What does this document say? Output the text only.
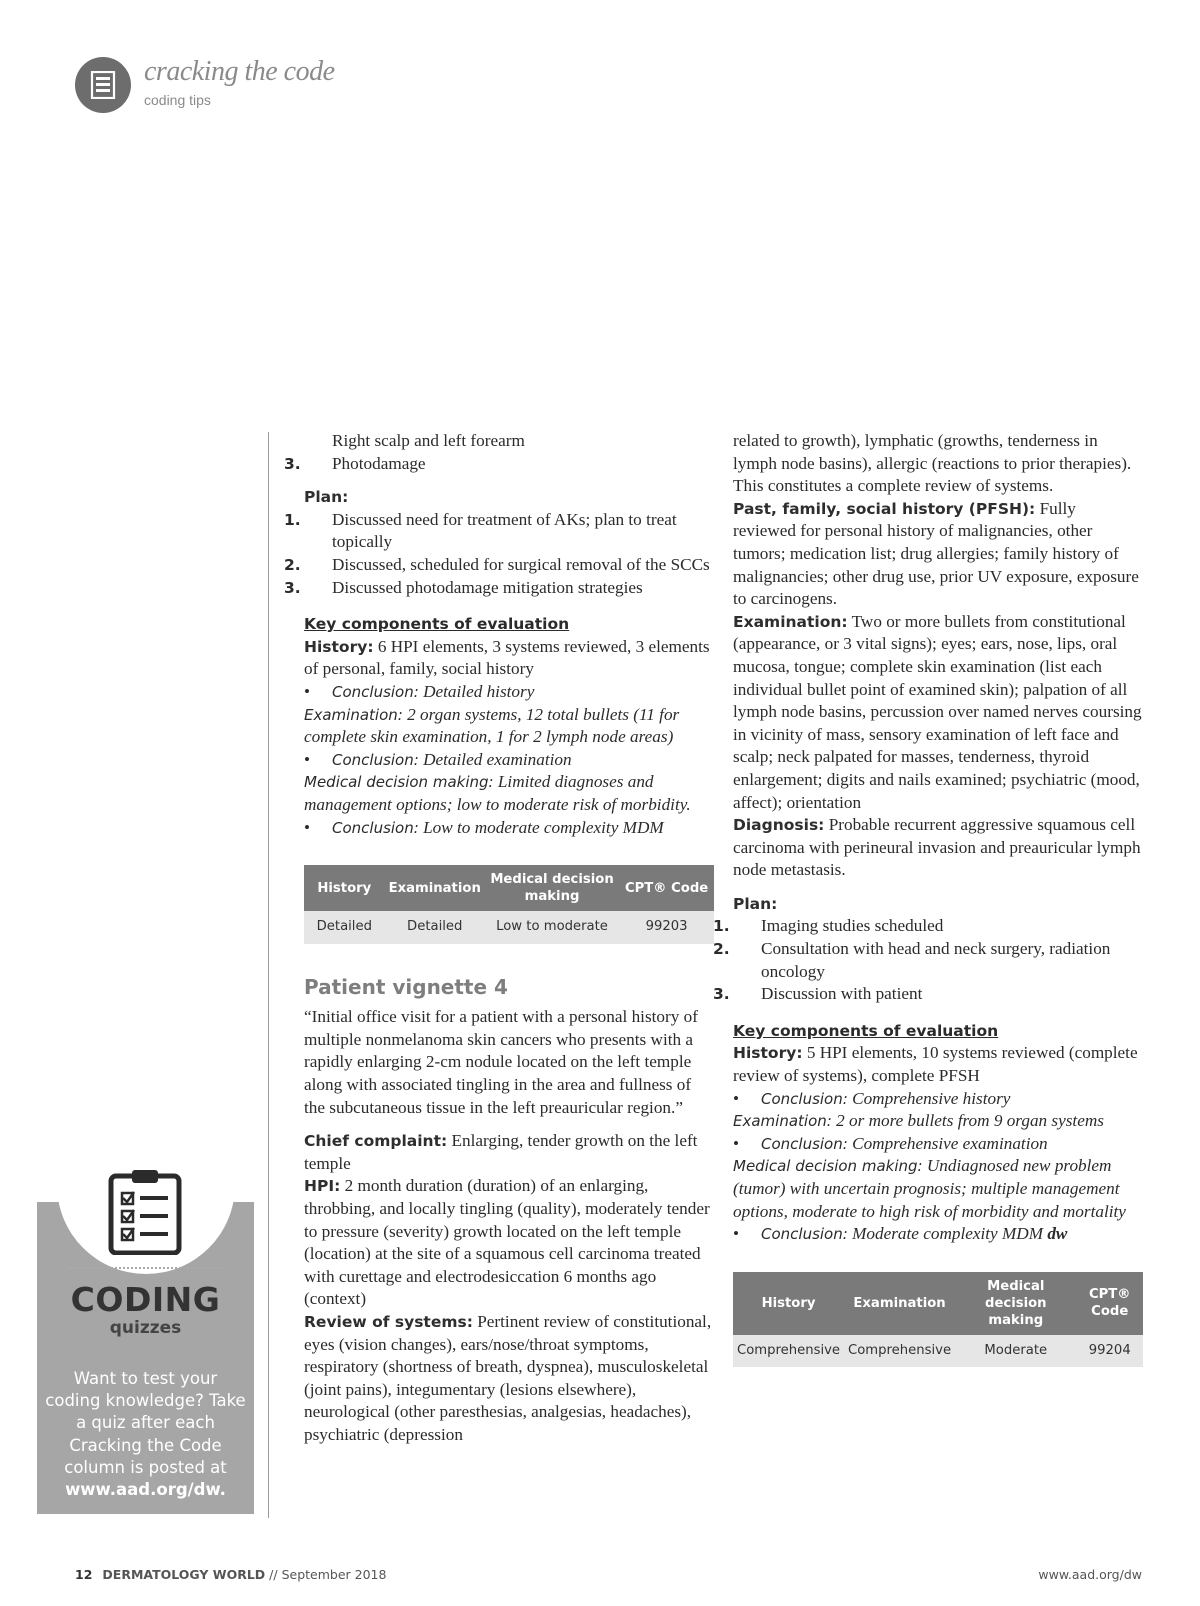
cracking the code
coding tips

Right scalp and left forearm

3. Photodamage

Plan:

1. Discussed need for treatment of AKs; plan to treat topically

2. Discussed, scheduled for surgical removal of the SCCs

3. Discussed photodamage mitigation strategies

Key components of evaluation

History: 6 HPI elements, 3 systems reviewed, 3 elements of personal, family, social history

• Conclusion: Detailed history

Examination: 2 organ systems, 12 total bullets (11 for complete skin examination, 1 for 2 lymph node areas)

• Conclusion: Detailed examination

Medical decision making: Limited diagnoses and management options; low to moderate risk of morbidity.

• Conclusion: Low to moderate complexity MDM

History	Examination	Medical decision making	CPT® Code
Detailed	Detailed	Low to moderate	99203
Patient vignette 4

“Initial office visit for a patient with a personal history of multiple nonmelanoma skin cancers who presents with a rapidly enlarging 2-cm nodule located on the left temple along with associated tingling in the area and fullness of the subcutaneous tissue in the left preauricular region.”

Chief complaint: Enlarging, tender growth on the left temple

HPI: 2 month duration (duration) of an enlarging, throbbing, and locally tingling (quality), moderately tender to pressure (severity) growth located on the left temple (location) at the site of a squamous cell carcinoma treated with curettage and electrodesiccation 6 months ago (context)

Review of systems: Pertinent review of constitutional, eyes (vision changes), ears/nose/throat symptoms, respiratory (shortness of breath, dyspnea), musculoskeletal (joint pains), integumentary (lesions elsewhere), neurological (other paresthesias, analgesias, headaches), psychiatric (depression

related to growth), lymphatic (growths, tenderness in lymph node basins), allergic (reactions to prior therapies). This constitutes a complete review of systems.

Past, family, social history (PFSH): Fully reviewed for personal history of malignancies, other tumors; medication list; drug allergies; family history of malignancies; other drug use, prior UV exposure, exposure to carcinogens.

Examination: Two or more bullets from constitutional (appearance, or 3 vital signs); eyes; ears, nose, lips, oral mucosa, tongue; complete skin examination (list each individual bullet point of examined skin); palpation of all lymph node basins, percussion over named nerves coursing in vicinity of mass, sensory examination of left face and scalp; neck palpated for masses, tenderness, thyroid enlargement; digits and nails examined; psychiatric (mood, affect); orientation

Diagnosis: Probable recurrent aggressive squamous cell carcinoma with perineural invasion and preauricular lymph node metastasis.

Plan:

1. Imaging studies scheduled

2. Consultation with head and neck surgery, radiation oncology

3. Discussion with patient

Key components of evaluation

History: 5 HPI elements, 10 systems reviewed (complete review of systems), complete PFSH

• Conclusion: Comprehensive history

Examination: 2 or more bullets from 9 organ systems

• Conclusion: Comprehensive examination

Medical decision making: Undiagnosed new problem (tumor) with uncertain prognosis; multiple management options, moderate to high risk of morbidity and mortality

• Conclusion: Moderate complexity MDM dw

History	Examination	Medical decision making	CPT® Code
Comprehensive	Comprehensive	Moderate	99204
CODING
quizzes
Want to test your coding knowledge? Take a quiz after each Cracking the Code column is posted at
www.aad.org/dw.
12 DERMATOLOGY WORLD // September 2018	www.aad.org/dw
